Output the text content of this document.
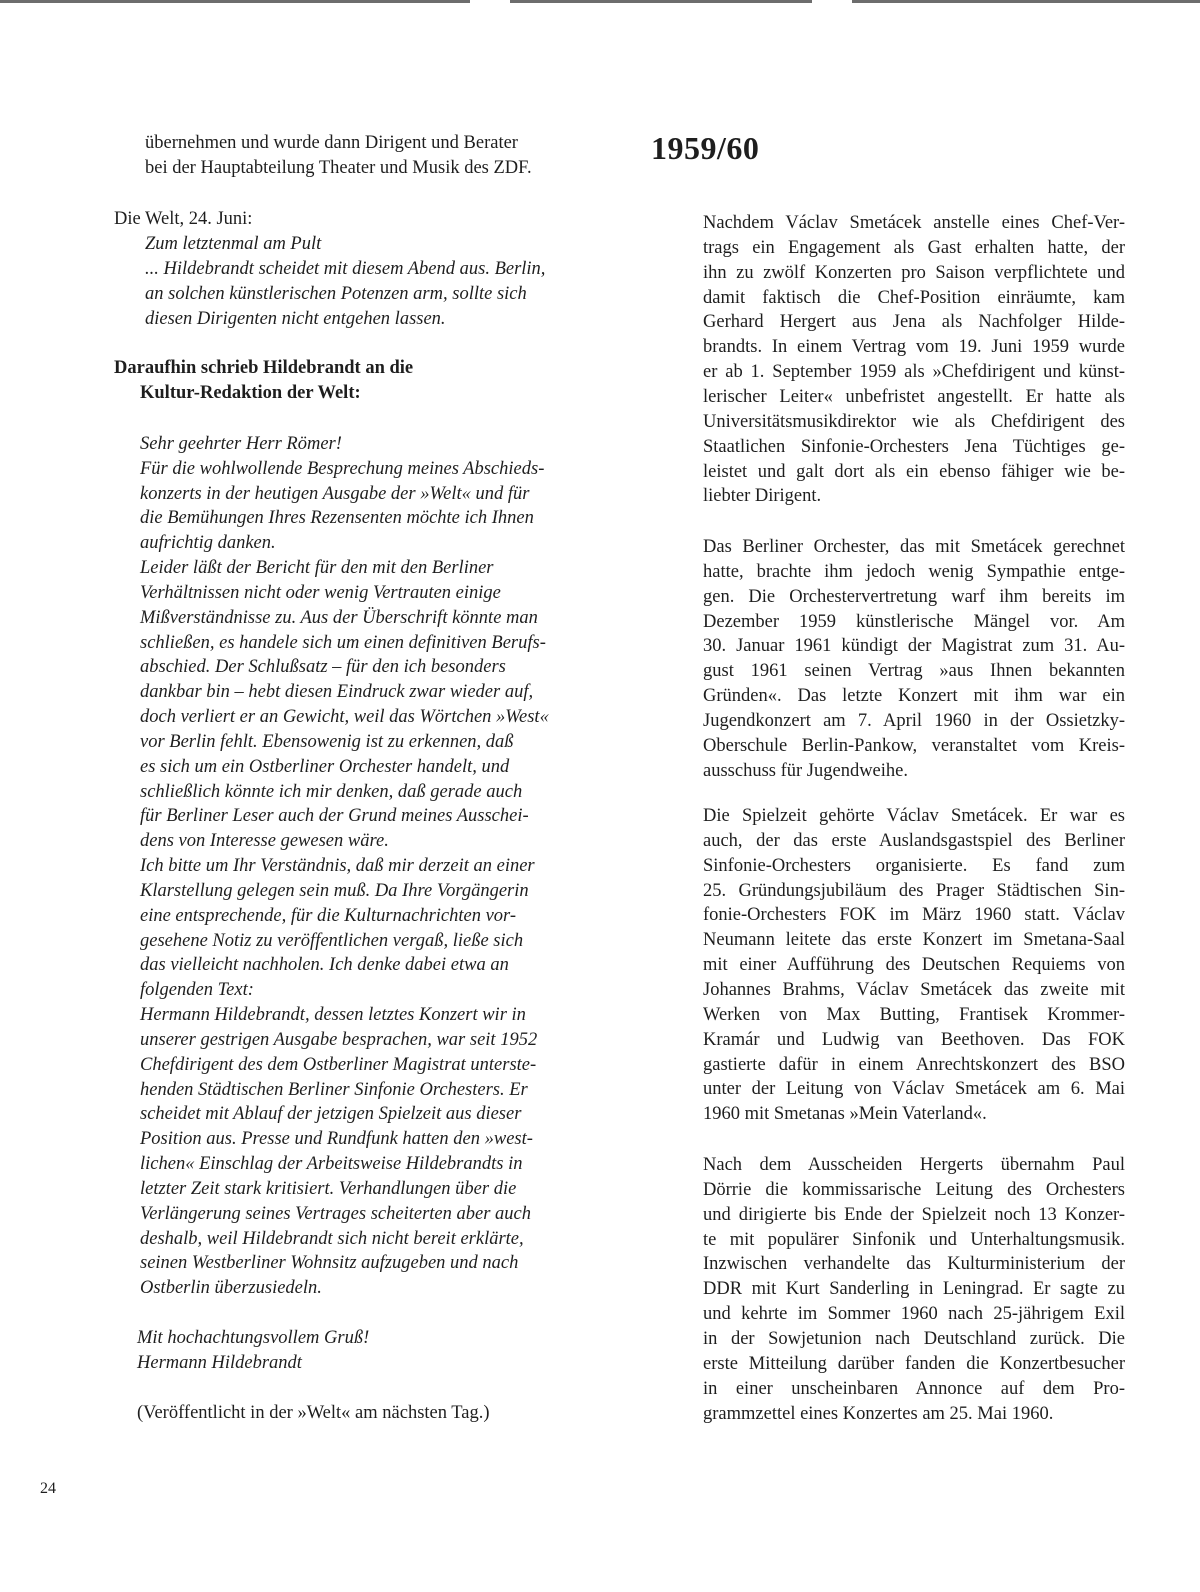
übernehmen und wurde dann Dirigent und Berater
bei der Hauptabteilung Theater und Musik des ZDF.
Die Welt, 24. Juni:
Zum letztenmal am Pult
... Hildebrandt scheidet mit diesem Abend aus. Berlin,
an solchen künstlerischen Potenzen arm, sollte sich
diesen Dirigenten nicht entgehen lassen.
Daraufhin schrieb Hildebrandt an die
Kultur-Redaktion der Welt:
Sehr geehrter Herr Römer!
Für die wohlwollende Besprechung meines Abschieds-
konzerts in der heutigen Ausgabe der »Welt« und für
die Bemühungen Ihres Rezensenten möchte ich Ihnen
aufrichtig danken.
Leider läßt der Bericht für den mit den Berliner
Verhältnissen nicht oder wenig Vertrauten einige
Mißverständnisse zu. Aus der Überschrift könnte man
schließen, es handele sich um einen definitiven Berufs-
abschied. Der Schlußsatz – für den ich besonders
dankbar bin – hebt diesen Eindruck zwar wieder auf,
doch verliert er an Gewicht, weil das Wörtchen »West«
vor Berlin fehlt. Ebensowenig ist zu erkennen, daß
es sich um ein Ostberliner Orchester handelt, und
schließlich könnte ich mir denken, daß gerade auch
für Berliner Leser auch der Grund meines Ausschei-
dens von Interesse gewesen wäre.
Ich bitte um Ihr Verständnis, daß mir derzeit an einer
Klarstellung gelegen sein muß. Da Ihre Vorgängerin
eine entsprechende, für die Kulturnachrichten vor-
gesehene Notiz zu veröffentlichen vergaß, ließe sich
das vielleicht nachholen. Ich denke dabei etwa an
folgenden Text:
Hermann Hildebrandt, dessen letztes Konzert wir in
unserer gestrigen Ausgabe besprachen, war seit 1952
Chefdirigent des dem Ostberliner Magistrat unterste-
henden Städtischen Berliner Sinfonie Orchesters. Er
scheidet mit Ablauf der jetzigen Spielzeit aus dieser
Position aus. Presse und Rundfunk hatten den »west-
lichen« Einschlag der Arbeitsweise Hildebrandts in
letzter Zeit stark kritisiert. Verhandlungen über die
Verlängerung seines Vertrages scheiterten aber auch
deshalb, weil Hildebrandt sich nicht bereit erklärte,
seinen Westberliner Wohnsitz aufzugeben und nach
Ostberlin überzusiedeln.
Mit hochachtungsvollem Gruß!
Hermann Hildebrandt
(Veröffentlicht in der »Welt« am nächsten Tag.)
1959/60
Nachdem Václav Smetácek anstelle eines Chef-Ver-
trags ein Engagement als Gast erhalten hatte, der
ihn zu zwölf Konzerten pro Saison verpflichtete und
damit faktisch die Chef-Position einräumte, kam
Gerhard Hergert aus Jena als Nachfolger Hilde-
brandts. In einem Vertrag vom 19. Juni 1959 wurde
er ab 1. September 1959 als »Chefdirigent und künst-
lerischer Leiter« unbefristet angestellt. Er hatte als
Universitätsmusikdirektor wie als Chefdirigent des
Staatlichen Sinfonie-Orchesters Jena Tüchtiges ge-
leistet und galt dort als ein ebenso fähiger wie be-
liebter Dirigent.
Das Berliner Orchester, das mit Smetácek gerechnet
hatte, brachte ihm jedoch wenig Sympathie entge-
gen. Die Orchestervertretung warf ihm bereits im
Dezember 1959 künstlerische Mängel vor. Am
30. Januar 1961 kündigt der Magistrat zum 31. Au-
gust 1961 seinen Vertrag »aus Ihnen bekannten
Gründen«. Das letzte Konzert mit ihm war ein
Jugendkonzert am 7. April 1960 in der Ossietzky-
Oberschule Berlin-Pankow, veranstaltet vom Kreis-
ausschuss für Jugendweihe.
Die Spielzeit gehörte Václav Smetácek. Er war es
auch, der das erste Auslandsgastspiel des Berliner
Sinfonie-Orchesters organisierte. Es fand zum
25. Gründungsjubiläum des Prager Städtischen Sin-
fonie-Orchesters FOK im März 1960 statt. Václav
Neumann leitete das erste Konzert im Smetana-Saal
mit einer Aufführung des Deutschen Requiems von
Johannes Brahms, Václav Smetácek das zweite mit
Werken von Max Butting, Frantisek Krommer-
Kramár und Ludwig van Beethoven. Das FOK
gastierte dafür in einem Anrechtskonzert des BSO
unter der Leitung von Václav Smetácek am 6. Mai
1960 mit Smetanas »Mein Vaterland«.
Nach dem Ausscheiden Hergerts übernahm Paul
Dörrie die kommissarische Leitung des Orchesters
und dirigierte bis Ende der Spielzeit noch 13 Konzer-
te mit populärer Sinfonik und Unterhaltungsmusik.
Inzwischen verhandelte das Kulturministerium der
DDR mit Kurt Sanderling in Leningrad. Er sagte zu
und kehrte im Sommer 1960 nach 25-jährigem Exil
in der Sowjetunion nach Deutschland zurück. Die
erste Mitteilung darüber fanden die Konzertbesucher
in einer unscheinbaren Annonce auf dem Pro-
grammzettel eines Konzertes am 25. Mai 1960.
24
